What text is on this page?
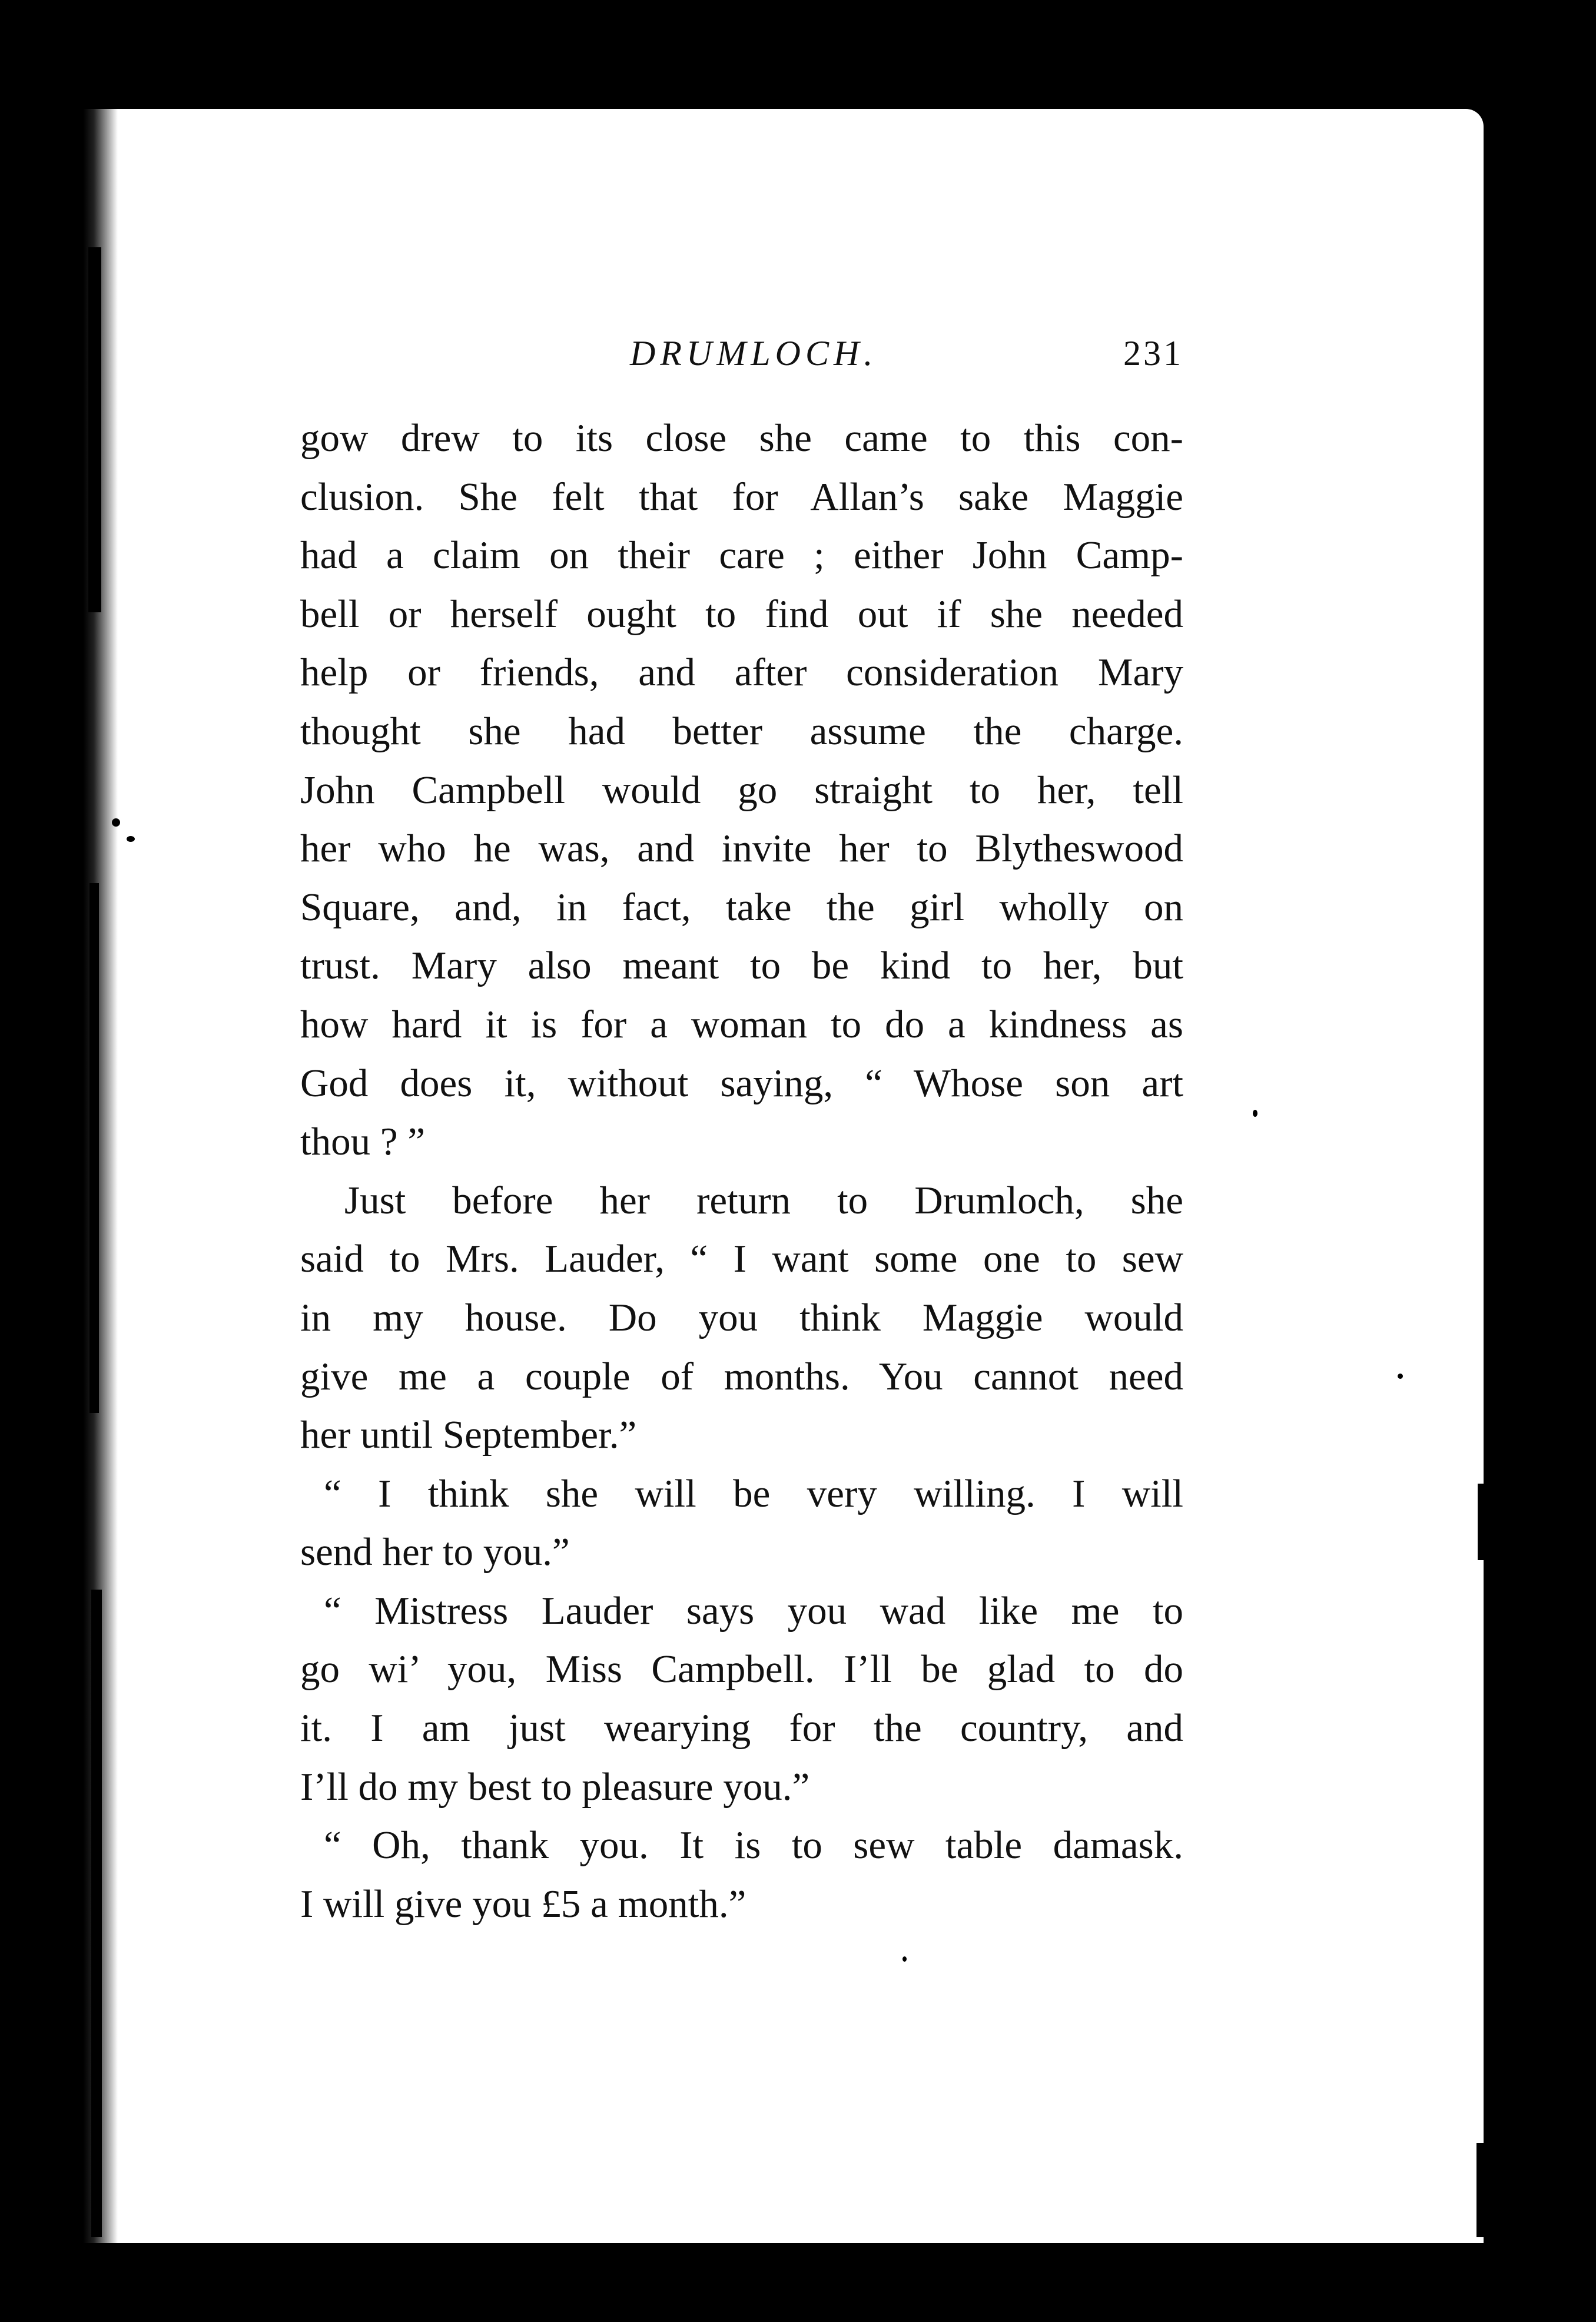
DRUMLOCH.	231
gow drew to its close she came to this con-
clusion. She felt that for Allan’s sake Maggie
had a claim on their care ; either John Camp-
bell or herself ought to find out if she needed
help or friends, and after consideration Mary
thought she had better assume the charge.
John Campbell would go straight to her, tell
her who he was, and invite her to Blytheswood
Square, and, in fact, take the girl wholly on
trust. Mary also meant to be kind to her, but
how hard it is for a woman to do a kindness as
God does it, without saying, “ Whose son art
thou ? ”
Just before her return to Drumloch, she
said to Mrs. Lauder, “ I want some one to sew
in my house. Do you think Maggie would
give me a couple of months. You cannot need
her until September.”
“ I think she will be very willing. I will
send her to you.”
“ Mistress Lauder says you wad like me to
go wi’ you, Miss Campbell. I’ll be glad to do
it. I am just wearying for the country, and
I’ll do my best to pleasure you.”
“ Oh, thank you. It is to sew table damask.
I will give you £5 a month.”
